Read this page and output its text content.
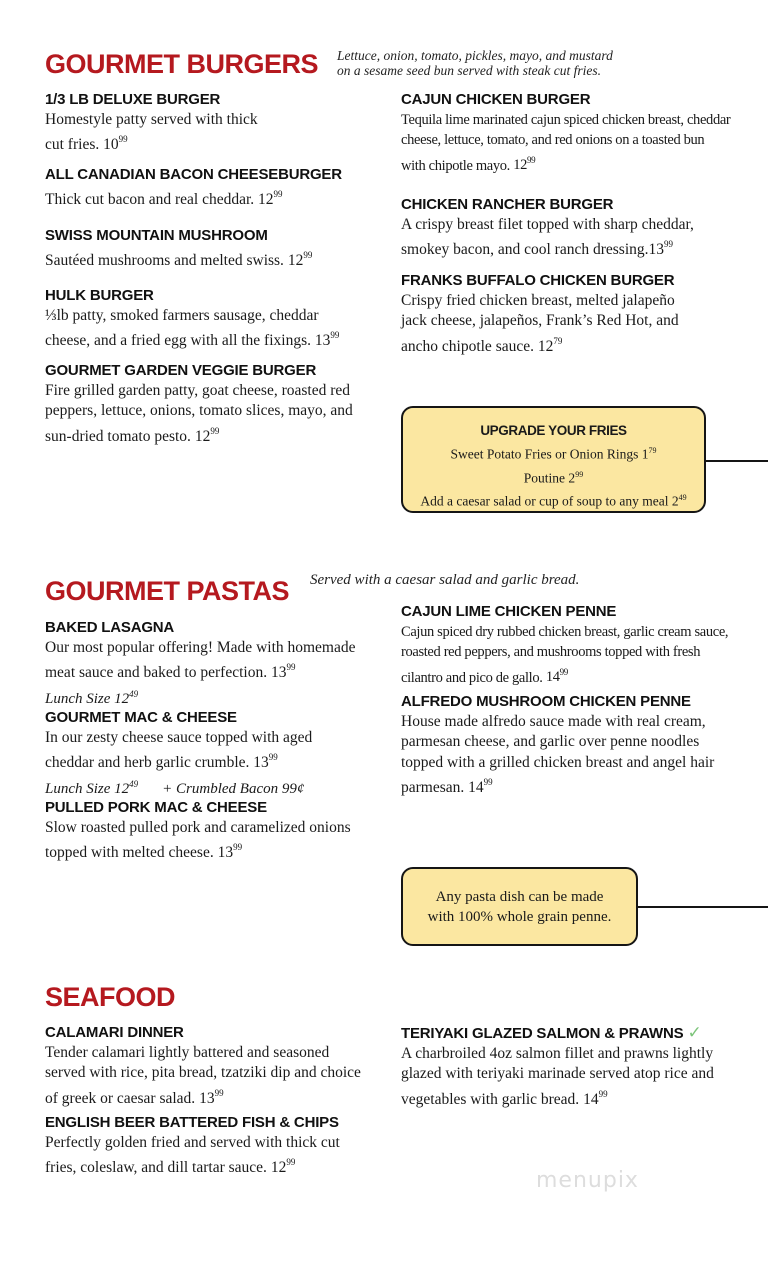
GOURMET BURGERS Lettuce, onion, tomato, pickles, mayo, and mustard
on a sesame seed bun served with steak cut fries.
1/3 LB DELUXE BURGER
Homestyle patty served with thick cut fries. $10^{99}$
ALL CANADIAN BACON CHEESEBURGER
Thick cut bacon and real cheddar. $12^{99}$
SWISS MOUNTAIN MUSHROOM
Sautéed mushrooms and melted swiss. $12^{99}$
HULK BURGER
⅓lb patty, smoked farmers sausage, cheddar cheese, and a fried egg with all the fixings. $13^{99}$
GOURMET GARDEN VEGGIE BURGER
Fire grilled garden patty, goat cheese, roasted red peppers, lettuce, onions, tomato slices, mayo, and sun-dried tomato pesto. $12^{99}$
CAJUN CHICKEN BURGER
Tequila lime marinated cajun spiced chicken breast, cheddar cheese, lettuce, tomato, and red onions on a toasted bun with chipotle mayo. $12^{99}$
CHICKEN RANCHER BURGER
A crispy breast filet topped with sharp cheddar, smokey bacon, and cool ranch $dressing.13^{99}$
FRANKS BUFFALO CHICKEN BURGER
Crispy fried chicken breast, melted jalapeño jack cheese, jalapeños, Frank’s Red Hot, and ancho chipotle sauce. $12^{79}$
UPGRADE YOUR FRIES
Sweet Potato Fries or Onion Rings $1^{79}$
Poutine $2^{99}$
Add a caesar salad or cup of soup to any meal $2^{49}$
GOURMET PASTAS Served with a caesar salad and garlic bread.
BAKED LASAGNA
Our most popular offering! Made with homemade meat sauce and baked to perfection. $13^{99}$
Lunch Size $12^{49}$
GOURMET MAC & CHEESE
In our zesty cheese sauce topped with aged cheddar and herb garlic crumble. $13^{99}$
Lunch Size $12^{49}$ + Crumbled Bacon 99¢
PULLED PORK MAC & CHEESE
Slow roasted pulled pork and caramelized onions topped with melted cheese. $13^{99}$
CAJUN LIME CHICKEN PENNE
Cajun spiced dry rubbed chicken breast, garlic cream sauce, roasted red peppers, and mushrooms topped with fresh cilantro and pico de gallo. $14^{99}$
ALFREDO MUSHROOM CHICKEN PENNE
House made alfredo sauce made with real cream, parmesan cheese, and garlic over penne noodles topped with a grilled chicken breast and angel hair parmesan. $14^{99}$
Any pasta dish can be made
with 100% whole grain penne.
SEAFOOD
CALAMARI DINNER
Tender calamari lightly battered and seasoned served with rice, pita bread, tzatziki dip and choice of greek or caesar salad. $13^{99}$
ENGLISH BEER BATTERED FISH & CHIPS
Perfectly golden fried and served with thick cut fries, coleslaw, and dill tartar sauce. $12^{99}$
TERIYAKI GLAZED SALMON & PRAWNS ✓
A charbroiled 4oz salmon fillet and prawns lightly glazed with teriyaki marinade served atop rice and vegetables with garlic bread. $14^{99}$
menupix
